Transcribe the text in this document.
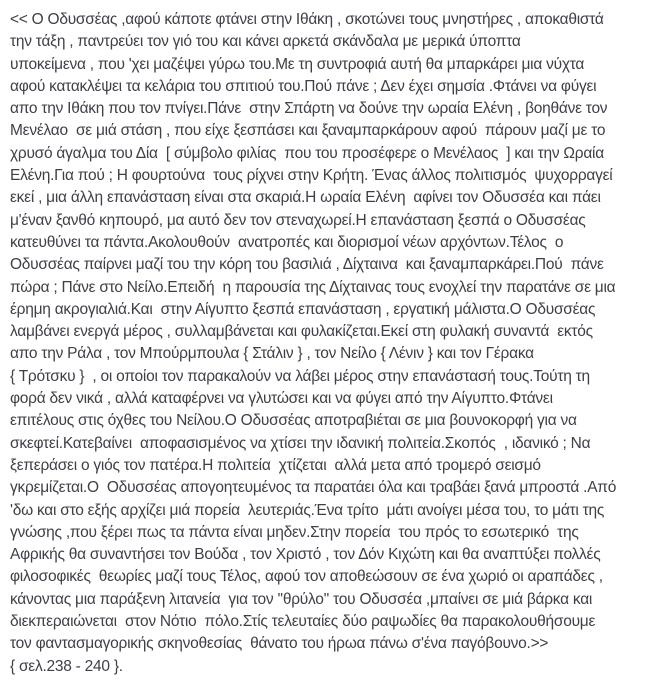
<< Ο Οδυσσέας ,αφού κάποτε φτάνει στην Ιθάκη , σκοτώνει τους μνηστήρες , αποκαθιστά
την τάξη , παντρεύει τον γιό του και κάνει αρκετά σκάνδαλα με μερικά ύποπτα
υποκείμενα , που 'χει μαζέψει γύρω του.Με τη συντροφιά αυτή θα μπαρκάρει μια νύχτα
αφού κατακλέψει τα κελάρια του σπιτιού του.Πού πάνε ; Δεν έχει σημσία .Φτάνει να φύγει
απο την Ιθάκη που τον πνίγει.Πάνε  στην Σπάρτη να δούνε την ωραία Ελένη , βοηθάνε τον
Μενέλαο  σε μιά στάση , που είχε ξεσπάσει και ξαναμπαρκάρουν αφού  πάρουν μαζί με το
χρυσό άγαλμα του Δία  [ σύμβολο φιλίας  που του προσέφερε ο Μενέλαος  ] και την Ωραία
Ελένη.Για πού ; Η φουρτούνα  τους ρίχνει στην Κρήτη. Ένας άλλος πολιτισμός  ψυχορραγεί
εκεί , μια άλλη επανάσταση είναι στα σκαριά.Η ωραία Ελένη  αφίνει τον Οδυσσέα και πάει
μ'έναν ξανθό κηπουρό, μα αυτό δεν τον στεναχωρεί.Η επανάσταση ξεσπά ο Οδυσσέας
κατευθύνει τα πάντα.Ακολουθούν  ανατροπές και διορισμοί νέων αρχόντων.Τέλος  ο
Οδυσσέας παίρνει μαζί του την κόρη του βασιλιά , Δίχταινα  και ξαναμπαρκάρει.Πού  πάνε
πώρα ; Πάνε στο Νείλο.Επειδή  η παρουσία της Δίχταινας τους ενοχλεί την παρατάνε σε μια
έρημη ακρογιαλιά.Και  στην Αίγυπτο ξεσπά επανάσταση , εργατική μάλιστα.Ο Οδυσσέας
λαμβάνει ενεργά μέρος , συλλαμβάνεται και φυλακίζεται.Εκεί στη φυλακή συναντά  εκτός
απο την Ράλα , τον Μπούρμπουλα { Στάλιν } , τον Νείλο { Λένιν } και τον Γέρακα
{ Τρότσκυ }  , οι οποίοι τον παρακαλούν να λάβει μέρος στην επανάστασή τους.Τούτη τη
φορά δεν νικά , αλλά καταφέρνει να γλυτώσει και να φύγει από την Αίγυπτο.Φτάνει
επιτέλους στις όχθες του Νείλου.Ο Οδυσσέας αποτραβιέται σε μια βουνοκορφή για να
σκεφτεί.Κατεβαίνει  αποφασισμένος να χτίσει την ιδανική πολιτεία.Σκοπός  , ιδανικό ; Να
ξεπεράσει ο γιός τον πατέρα.Η πολιτεία  χτίζεται  αλλά μετα από τρομερό σεισμό
γκρεμίζεται.Ο  Οδυσσέας απογοητευμένος τα παρατάει όλα και τραβάει ξανά μπροστά .Από
'δω και στο εξής αρχίζει μιά πορεία  λευτεριάς.Ένα τρίτο  μάτι ανοίγει μέσα του, το μάτι της
γνώσης ,που ξέρει πως τα πάντα είναι μηδεν.Στην πορεία  του πρός το εσωτερικό  της
Αφρικής θα συναντήσει τον Βούδα , τον Χριστό , τον Δόν Κιχώτη και θα αναπτύξει πολλές
φιλοσοφικές  θεωρίες μαζί τους Τέλος, αφού τον αποθεώσουν σε ένα χωριό οι αραπάδες ,
κάνοντας μια παράξενη λιτανεία  για τον ''θρύλο'' του Οδυσσέα ,μπαίνει σε μιά βάρκα και
διεκπεραιώνεται  στον Νότιο  πόλο.Στίς τελευταίες δύο ραψωδίες θα παρακολουθήσουμε
τον φαντασμαγορικής σκηνοθεσίας  θάνατο του ήρωα πάνω σ'ένα παγόβουνο.>>
{ σελ.238 - 240 }.
